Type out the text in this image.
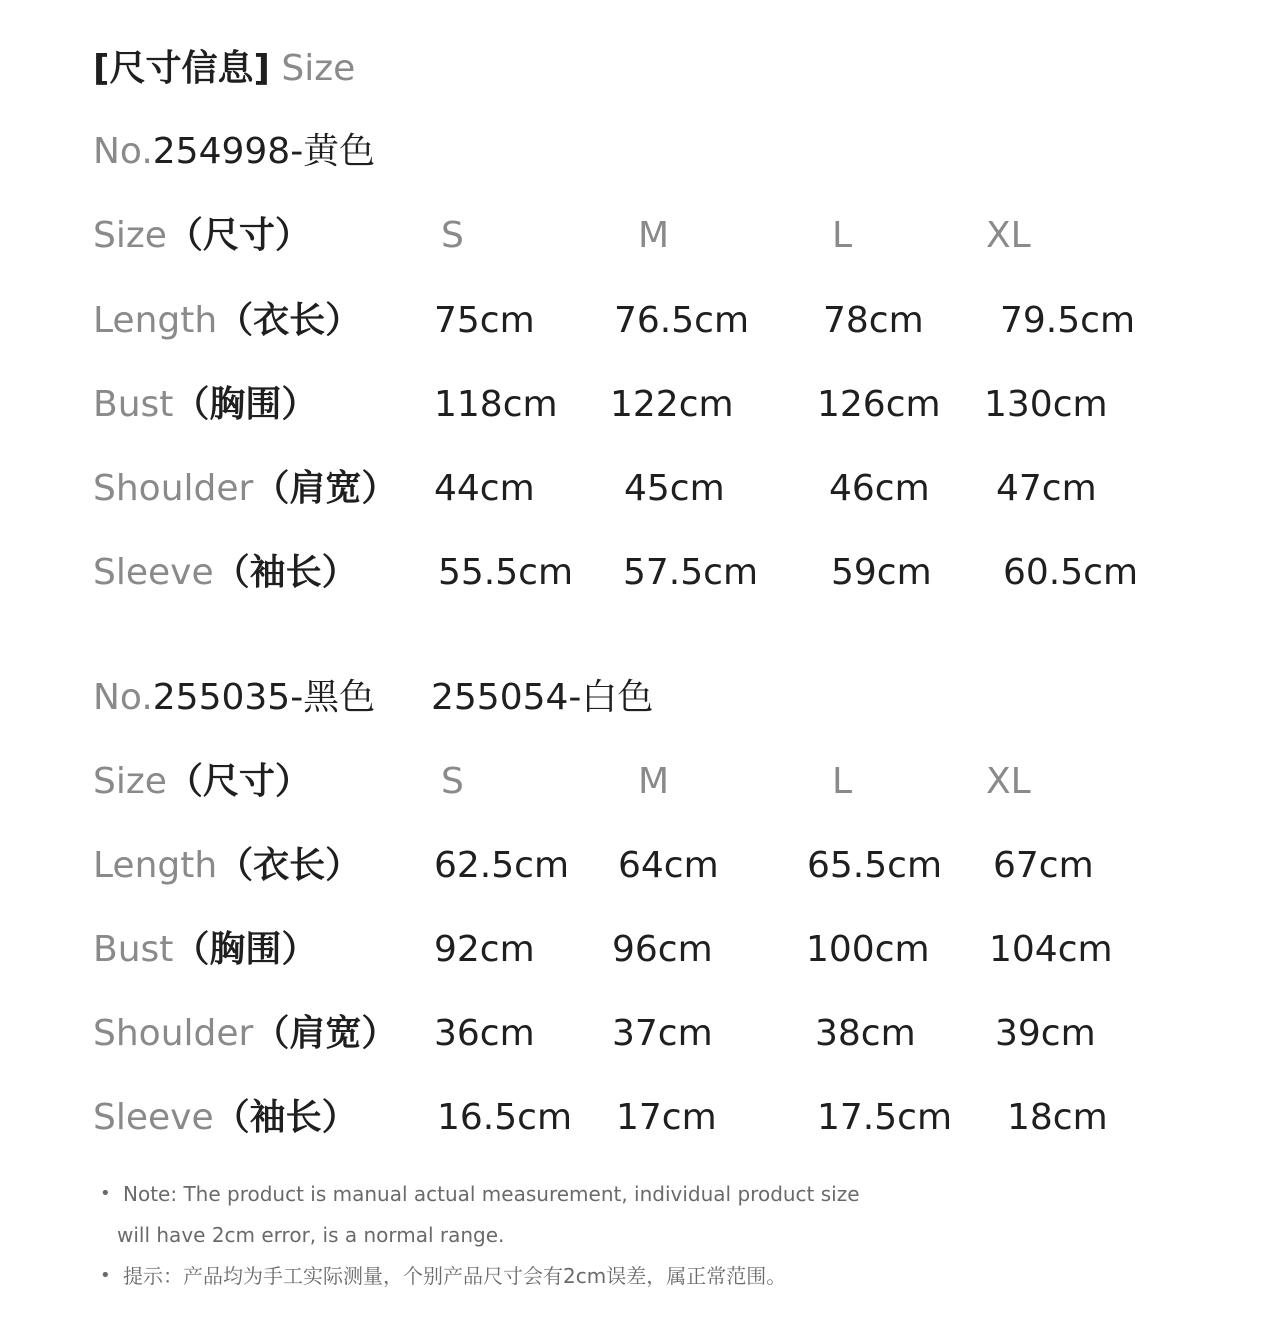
[尺寸信息] Size
No.254998-黄色
Size（尺寸）	S	M	L	XL
Length（衣长） 75cm 76.5cm 78cm 79.5cm
Bust（胸围）	118cm 122cm 126cm 130cm
Shoulder（肩宽） 44cm 45cm	46cm 47cm
Sleeve（袖长） 55.5cm 57.5cm 59cm 60.5cm
No.255035-黑色 255054-白色
Size（尺寸）	S	M	L	XL
Length（衣长） 62.5cm 64cm 65.5cm 67cm
Bust（胸围）	92cm 96cm	100cm 104cm
Shoulder（肩宽） 36cm 37cm	38cm 39cm
Sleeve（袖长） 16.5cm 17cm	17.5cm 18cm
• Note: The product is manual actual measurement, individual product size
will have 2cm error, is a normal range.
• 提示：产品均为手工实际测量，个别产品尺寸会有2cm误差，属正常范围。
